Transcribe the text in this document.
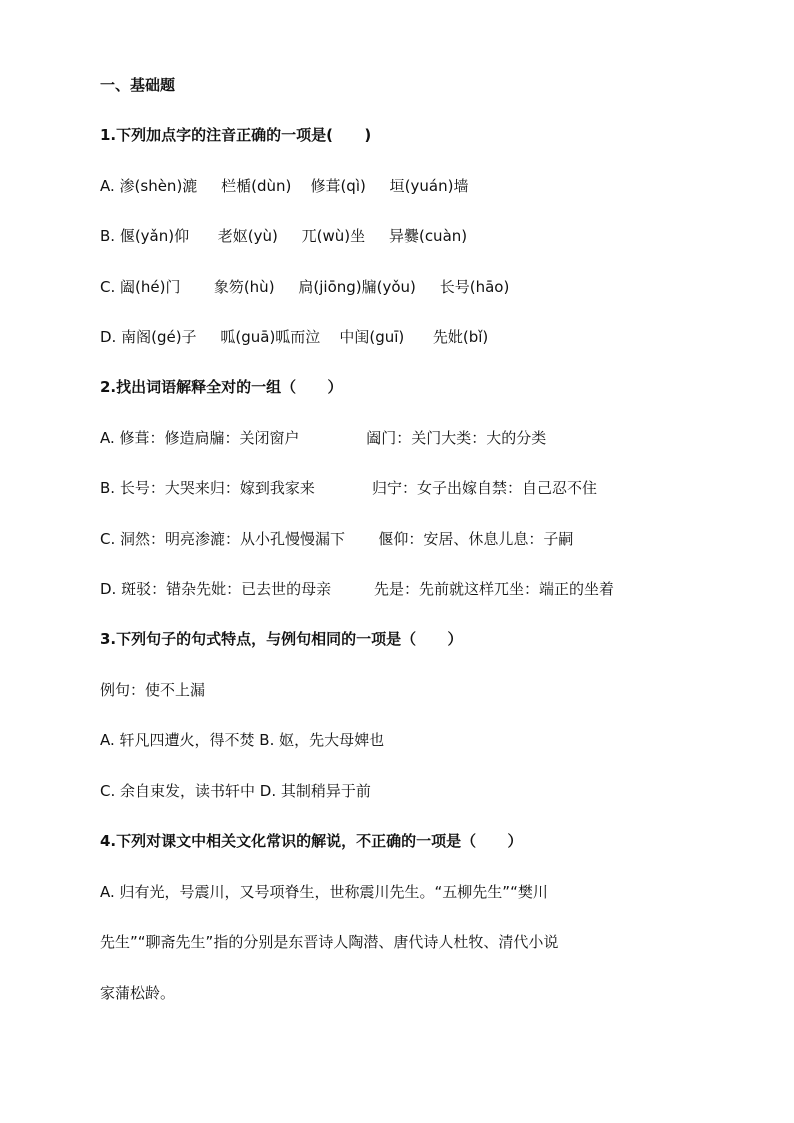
一、基础题
1.下列加点字的注音正确的一项是(      )
A. 渗(shèn)漉     栏楯(dùn)    修葺(qì)     垣(yuán)墙
B. 偃(yǎn)仰      老妪(yù)     兀(wù)坐     异爨(cuàn)
C. 阖(hé)门       象笏(hù)     扃(jiōng)牖(yǒu)     长号(hāo)
D. 南阁(gé)子     呱(guā)呱而泣    中闺(guī)      先妣(bǐ)
2.找出词语解释全对的一组（      ）
A. 修葺：修造扃牖：关闭窗户              阖门：关门大类：大的分类
B. 长号：大哭来归：嫁到我家来            归宁：女子出嫁自禁：自己忍不住
C. 洞然：明亮渗漉：从小孔慢慢漏下       偃仰：安居、休息儿息：子嗣
D. 斑驳：错杂先妣：已去世的母亲         先是：先前就这样兀坐：端正的坐着
3.下列句子的句式特点，与例句相同的一项是（      ）
例句：使不上漏
A. 轩凡四遭火，得不焚 B. 妪，先大母婢也
C. 余自束发，读书轩中 D. 其制稍异于前
4.下列对课文中相关文化常识的解说，不正确的一项是（      ）
A. 归有光，号震川，又号项脊生，世称震川先生。“五柳先生”“樊川
先生”“聊斋先生”指的分别是东晋诗人陶潜、唐代诗人杜牧、清代小说
家蒲松龄。
